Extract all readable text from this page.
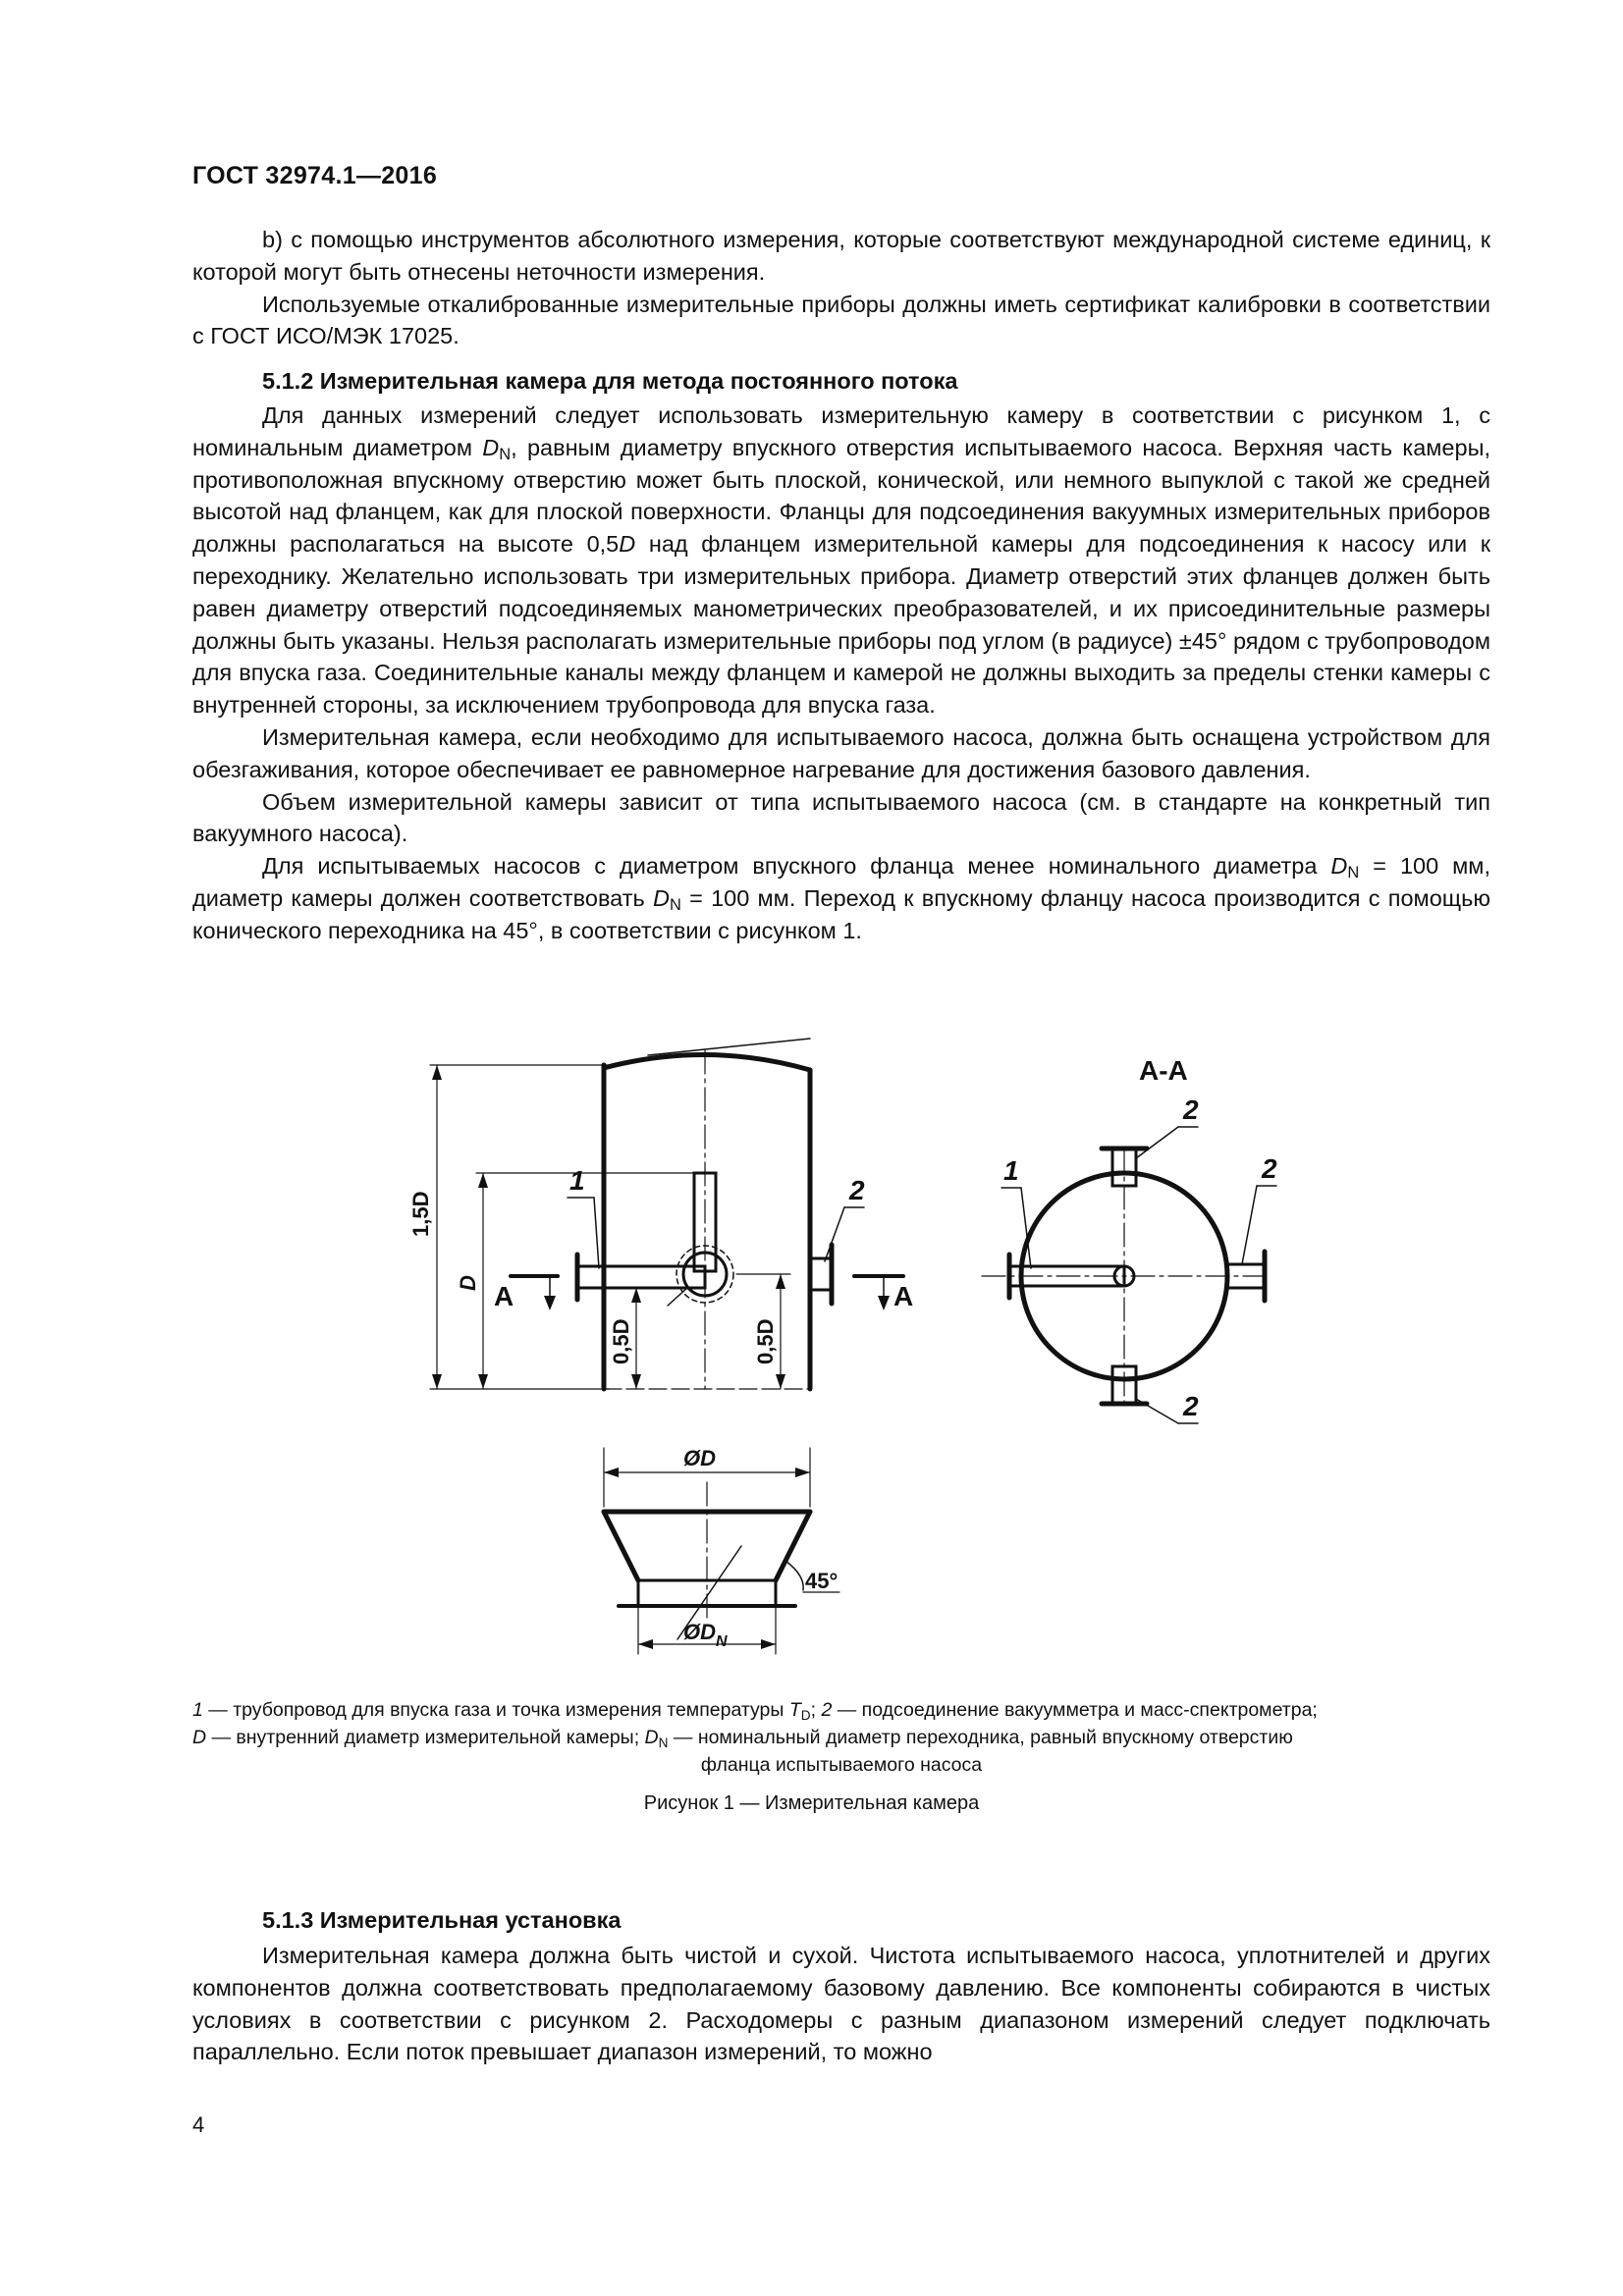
ГОСТ 32974.1—2016

b) с помощью инструментов абсолютного измерения, которые соответствуют международной системе единиц, к которой могут быть отнесены неточности измерения.

Используемые откалиброванные измерительные приборы должны иметь сертификат калибровки в соответствии с ГОСТ ИСО/МЭК 17025.

5.1.2 Измерительная камера для метода постоянного потока

Для данных измерений следует использовать измерительную камеру в соответствии с рисунком 1, с номинальным диаметром $D_N$, равным диаметру впускного отверстия испытываемого насоса. Верхняя часть камеры, противоположная впускному отверстию может быть плоской, конической, или немного выпуклой с такой же средней высотой над фланцем, как для плоской поверхности. Фланцы для подсоединения вакуумных измерительных приборов должны располагаться на высоте 0,5D над фланцем измерительной камеры для подсоединения к насосу или к переходнику. Желательно использовать три измерительных прибора. Диаметр отверстий этих фланцев должен быть равен диаметру отверстий подсоединяемых манометрических преобразователей, и их присоединительные размеры должны быть указаны. Нельзя располагать измерительные приборы под углом (в радиусе) ±45° рядом с трубопроводом для впуска газа. Соединительные каналы между фланцем и камерой не должны выходить за пределы стенки камеры с внутренней стороны, за исключением трубопровода для впуска газа.

Измерительная камера, если необходимо для испытываемого насоса, должна быть оснащена устройством для обезгаживания, которое обеспечивает ее равномерное нагревание для достижения базового давления.

Объем измерительной камеры зависит от типа испытываемого насоса (см. в стандарте на конкретный тип вакуумного насоса).

Для испытываемых насосов с диаметром впускного фланца менее номинального диаметра $D_N = 100$ мм, диаметр камеры должен соответствовать $D_N = 100$ мм. Переход к впускному фланцу насоса производится с помощью конического переходника на 45°, в соответствии с рисунком 1.

А-А
1	2
1
2
2
2
А	А
1,5D
D
0,5D	0,5D
ØD
$ØD_N$
45°

1 — трубопровод для впуска газа и точка измерения температуры $T_D$; 2 — подсоединение вакуумметра и масс-спектрометра;

D — внутренний диаметр измерительной камеры; $D_N$ — номинальный диаметр переходника, равный впускному отверстию

фланца испытываемого насоса

Рисунок 1 — Измерительная камера
5.1.3 Измерительная установка

Измерительная камера должна быть чистой и сухой. Чистота испытываемого насоса, уплотнителей и других компонентов должна соответствовать предполагаемому базовому давлению. Все компоненты собираются в чистых условиях в соответствии с рисунком 2. Расходомеры с разным диапазоном измерений следует подключать параллельно. Если поток превышает диапазон измерений, то можно

4
